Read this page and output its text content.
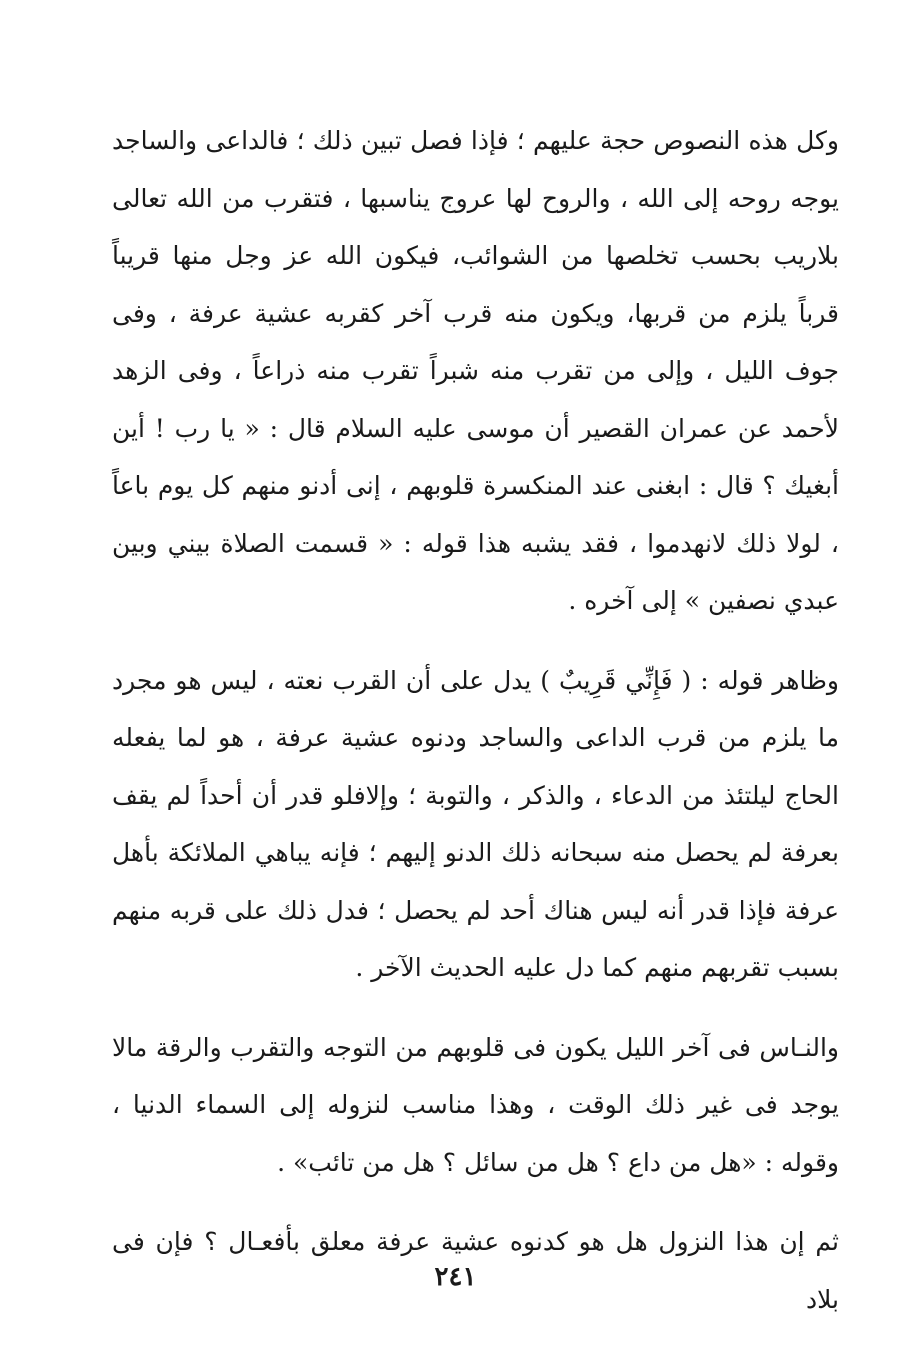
وكل هذه النصوص حجة عليهم ؛ فإذا فصل تبين ذلك ؛ فالداعى والساجد يوجه روحه إلى الله ، والروح لها عروج يناسبها ، فتقرب من الله تعالى بلاريب بحسب تخلصها من الشوائب، فيكون الله عز وجل منها قريباً قرباً يلزم من قربها، ويكون منه قرب آخر كقربه عشية عرفة ، وفى جوف الليل ، وإلى من تقرب منه شبراً تقرب منه ذراعاً ، وفى الزهد لأحمد عن عمران القصير أن موسى عليه السلام قال : « يا رب ! أين أبغيك ؟ قال : ابغنى عند المنكسرة قلوبهم ، إنى أدنو منهم كل يوم باعاً ، لولا ذلك لانهدموا ، فقد يشبه هذا قوله : « قسمت الصلاة بيني وبين عبدي نصفين » إلى آخره .

وظاهر قوله : ( فَإِنِّي قَرِيبٌ ) يدل على أن القرب نعته ، ليس هو مجرد ما يلزم من قرب الداعى والساجد ودنوه عشية عرفة ، هو لما يفعله الحاج ليلتئذ من الدعاء ، والذكر ، والتوبة ؛ وإلافلو قدر أن أحداً لم يقف بعرفة لم يحصل منه سبحانه ذلك الدنو إليهم ؛ فإنه يباهي الملائكة بأهل عرفة فإذا قدر أنه ليس هناك أحد لم يحصل ؛ فدل ذلك على قربه منهم بسبب تقربهم منهم كما دل عليه الحديث الآخر .

والنـاس فى آخر الليل يكون فى قلوبهم من التوجه والتقرب والرقة مالا يوجد فى غير ذلك الوقت ، وهذا مناسب لنزوله إلى السماء الدنيا ، وقوله : «هل من داع ؟ هل من سائل ؟ هل من تائب» .

ثم إن هذا النزول هل هو كدنوه عشية عرفة معلق بأفعـال ؟ فإن فى بلاد

٢٤١
